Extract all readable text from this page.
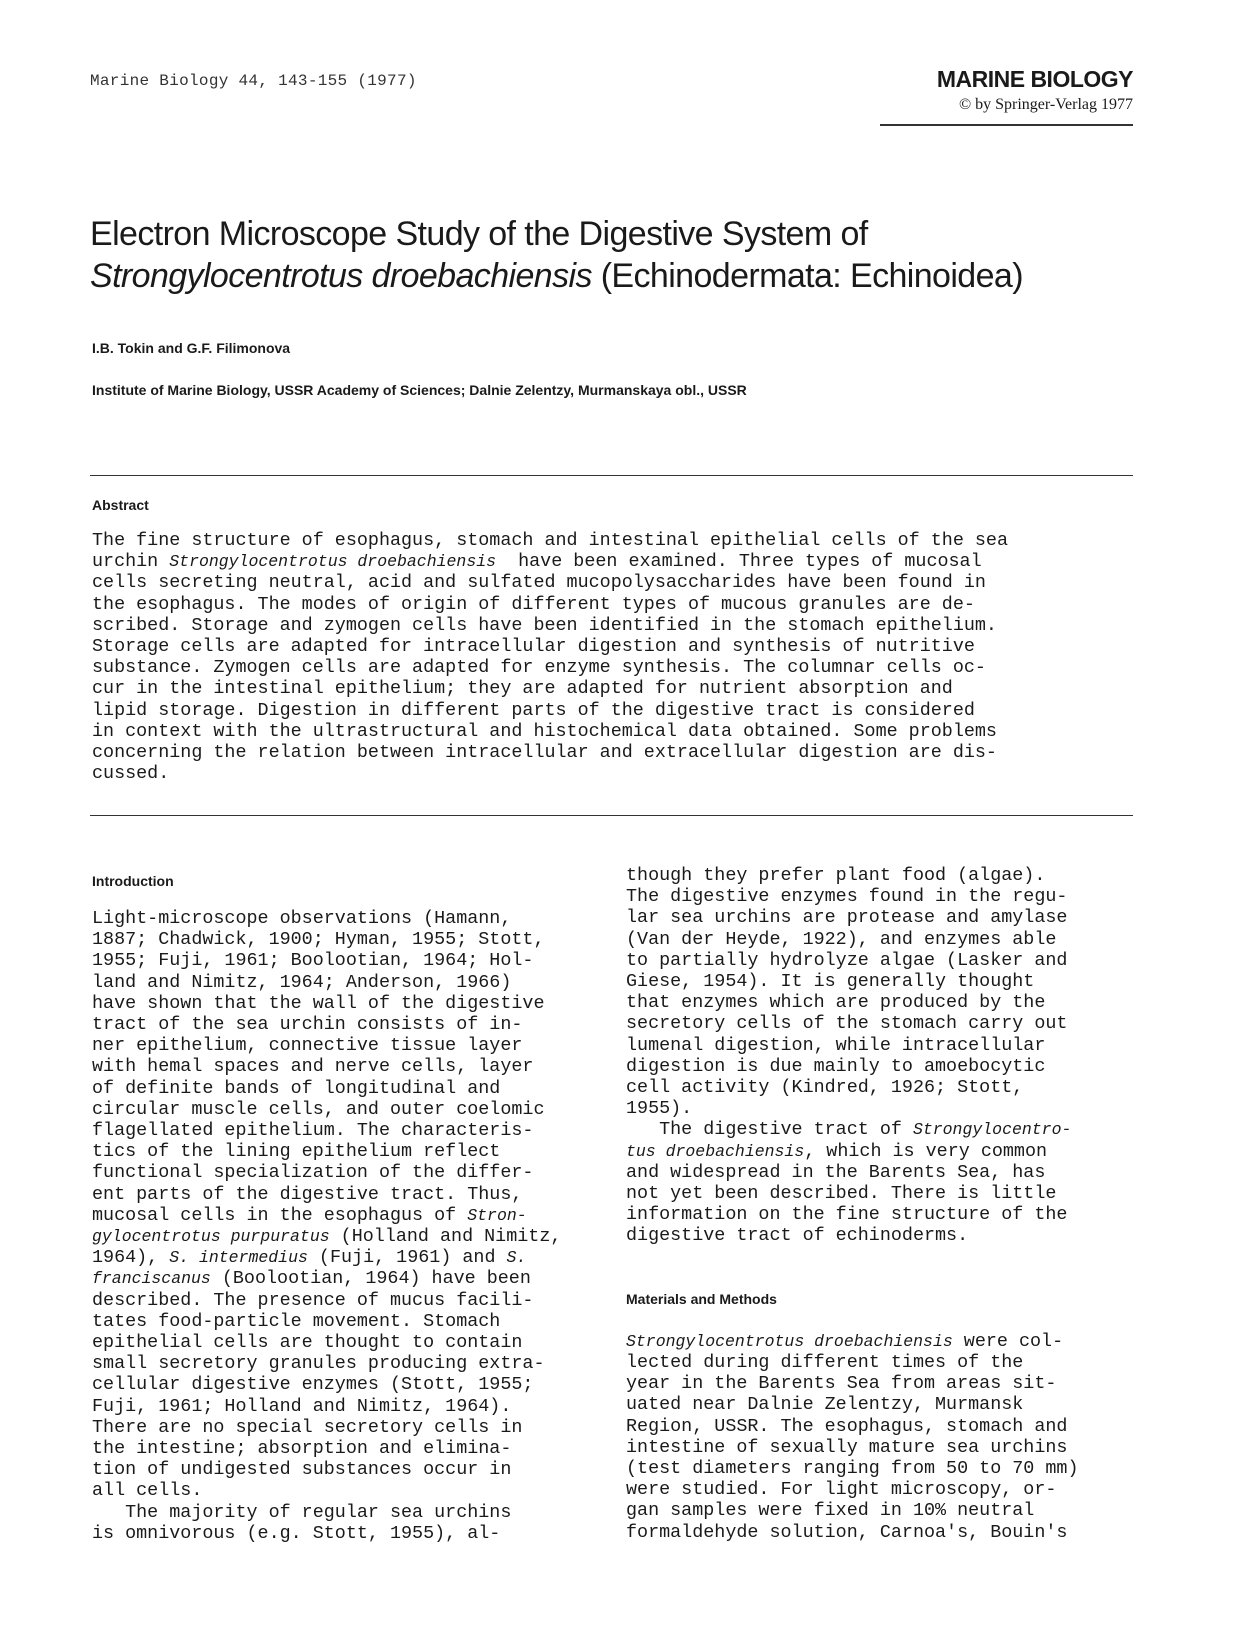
Marine Biology 44, 143-155 (1977)	MARINE BIOLOGY
© by Springer-Verlag 1977
Electron Microscope Study of the Digestive System of
Strongylocentrotus droebachiensis (Echinodermata: Echinoidea)
I.B. Tokin and G.F. Filimonova
Institute of Marine Biology, USSR Academy of Sciences; Dalnie Zelentzy, Murmanskaya obl., USSR
Abstract
The fine structure of esophagus, stomach and intestinal epithelial cells of the sea
urchin Strongylocentrotus droebachiensis  have been examined. Three types of mucosal
cells secreting neutral, acid and sulfated mucopolysaccharides have been found in
the esophagus. The modes of origin of different types of mucous granules are de-
scribed. Storage and zymogen cells have been identified in the stomach epithelium.
Storage cells are adapted for intracellular digestion and synthesis of nutritive
substance. Zymogen cells are adapted for enzyme synthesis. The columnar cells oc-
cur in the intestinal epithelium; they are adapted for nutrient absorption and
lipid storage. Digestion in different parts of the digestive tract is considered
in context with the ultrastructural and histochemical data obtained. Some problems
concerning the relation between intracellular and extracellular digestion are dis-
cussed.
Introduction
Light-microscope observations (Hamann,
1887; Chadwick, 1900; Hyman, 1955; Stott,
1955; Fuji, 1961; Boolootian, 1964; Hol-
land and Nimitz, 1964; Anderson, 1966)
have shown that the wall of the digestive
tract of the sea urchin consists of in-
ner epithelium, connective tissue layer
with hemal spaces and nerve cells, layer
of definite bands of longitudinal and
circular muscle cells, and outer coelomic
flagellated epithelium. The characteris-
tics of the lining epithelium reflect
functional specialization of the differ-
ent parts of the digestive tract. Thus,
mucosal cells in the esophagus of Stron-
gylocentrotus purpuratus (Holland and Nimitz,
1964), S. intermedius (Fuji, 1961) and S.
franciscanus (Boolootian, 1964) have been
described. The presence of mucus facili-
tates food-particle movement. Stomach
epithelial cells are thought to contain
small secretory granules producing extra-
cellular digestive enzymes (Stott, 1955;
Fuji, 1961; Holland and Nimitz, 1964).
There are no special secretory cells in
the intestine; absorption and elimina-
tion of undigested substances occur in
all cells.
The majority of regular sea urchins
is omnivorous (e.g. Stott, 1955), al-
though they prefer plant food (algae).
The digestive enzymes found in the regu-
lar sea urchins are protease and amylase
(Van der Heyde, 1922), and enzymes able
to partially hydrolyze algae (Lasker and
Giese, 1954). It is generally thought
that enzymes which are produced by the
secretory cells of the stomach carry out
lumenal digestion, while intracellular
digestion is due mainly to amoebocytic
cell activity (Kindred, 1926; Stott,
1955).
The digestive tract of Strongylocentro-
tus droebachiensis, which is very common
and widespread in the Barents Sea, has
not yet been described. There is little
information on the fine structure of the
digestive tract of echinoderms.
Materials and Methods
Strongylocentrotus droebachiensis were col-
lected during different times of the
year in the Barents Sea from areas sit-
uated near Dalnie Zelentzy, Murmansk
Region, USSR. The esophagus, stomach and
intestine of sexually mature sea urchins
(test diameters ranging from 50 to 70 mm)
were studied. For light microscopy, or-
gan samples were fixed in 10% neutral
formaldehyde solution, Carnoa's, Bouin's
